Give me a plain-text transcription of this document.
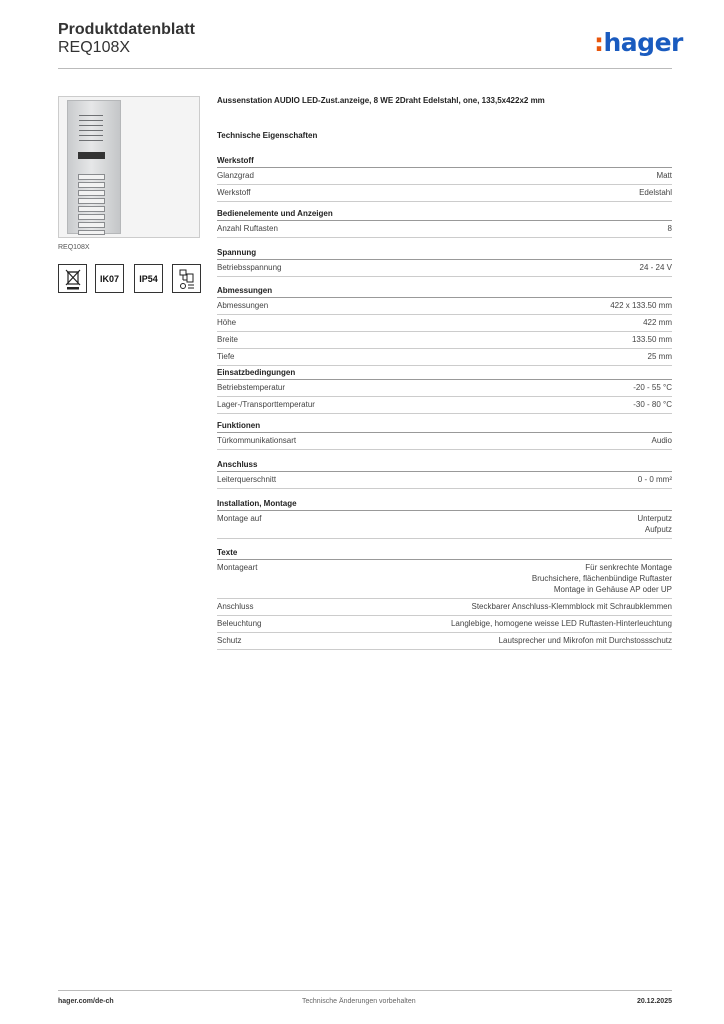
Produktdatenblatt
REQ108X	:hager
REQ108X
IK07	IP54
Aussenstation AUDIO LED-Zust.anzeige, 8 WE 2Draht Edelstahl, one, 133,5x422x2 mm
Technische Eigenschaften
Werkstoff
Glanzgrad	Matt
Werkstoff	Edelstahl
Bedienelemente und Anzeigen
Anzahl Ruftasten	8
Spannung
Betriebsspannung	24 - 24 V
Abmessungen
Abmessungen	422 x 133.50 mm
Höhe	422 mm
Breite	133.50 mm
Tiefe	25 mm
Einsatzbedingungen
Betriebstemperatur	-20 - 55 °C
Lager-/Transporttemperatur	-30 - 80 °C
Funktionen
Türkommunikationsart	Audio
Anschluss
Leiterquerschnitt	0 - 0 mm²
Installation, Montage
Montage auf	Unterputz
Aufputz
Texte
Montageart	Für senkrechte Montage
Bruchsichere, flächenbündige Ruftaster
Montage in Gehäuse AP oder UP
Anschluss	Steckbarer Anschluss-Klemmblock mit Schraubklemmen
Beleuchtung	Langlebige, homogene weisse LED Ruftasten-Hinterleuchtung
Schutz	Lautsprecher und Mikrofon mit Durchstossschutz
hager.com/de-ch	Technische Änderungen vorbehalten	20.12.2025
